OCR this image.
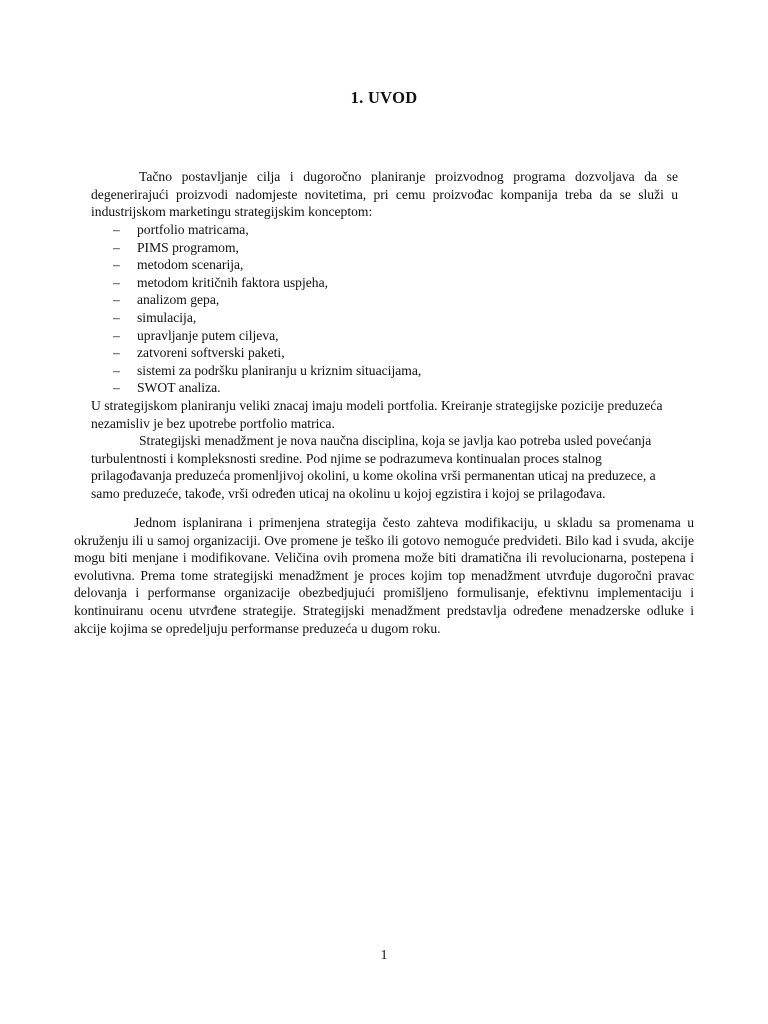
1. UVOD
Tačno postavljanje cilja i dugoročno planiranje proizvodnog programa dozvoljava da se degenerirajući proizvodi nadomjeste novitetima, pri cemu proizvođac kompanija treba da se služi u industrijskom marketingu strategijskim konceptom:
– portfolio matricama,
– PIMS programom,
– metodom scenarija,
– metodom kritičnih faktora uspjeha,
– analizom gepa,
– simulacija,
– upravljanje putem ciljeva,
– zatvoreni softverski paketi,
– sistemi za podršku planiranju u kriznim situacijama,
– SWOT analiza.
U strategijskom planiranju veliki znacaj imaju modeli portfolia. Kreiranje strategijske pozicije preduzeća nezamisliv je bez upotrebe portfolio matrica.
Strategijski menadžment je nova naučna disciplina, koja se javlja kao potreba usled povećanja turbulentnosti i kompleksnosti sredine. Pod njime se podrazumeva kontinualan proces stalnog prilagođavanja preduzeća promenljivoj okolini, u kome okolina vrši permanentan uticaj na preduzece, a samo preduzeće, takođe, vrši određen uticaj na okolinu u kojoj egzistira i kojoj se prilagođava.
Jednom isplanirana i primenjena strategija često zahteva modifikaciju, u skladu sa promenama u okruženju ili u samoj organizaciji. Ove promene je teško ili gotovo nemoguće predvideti. Bilo kad i svuda, akcije mogu biti menjane i modifikovane. Veličina ovih promena može biti dramatična ili revolucionarna, postepena i evolutivna. Prema tome strategijski menadžment je proces kojim top menadžment utvrđuje dugoročni pravac delovanja i performanse organizacije obezbedjujući promišljeno formulisanje, efektivnu implementaciju i kontinuiranu ocenu utvrđene strategije. Strategijski menadžment predstavlja određene menadzerske odluke i akcije kojima se opredeljuju performanse preduzeća u dugom roku.
1
